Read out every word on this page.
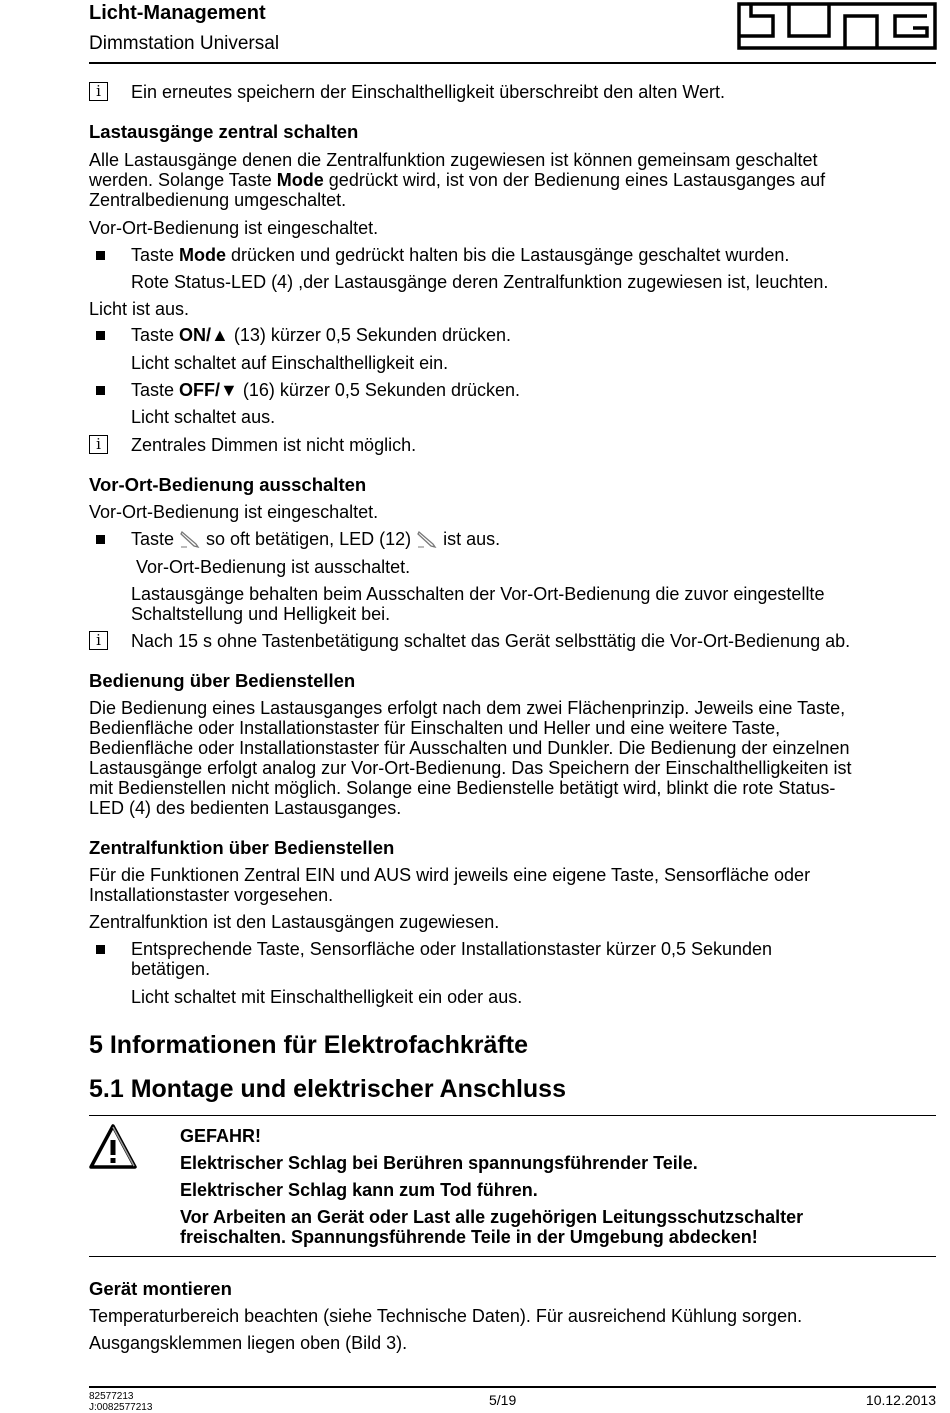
Licht-Management
Dimmstation Universal
i	Ein erneutes speichern der Einschalthelligkeit überschreibt den alten Wert.

Lastausgänge zentral schalten

Alle Lastausgänge denen die Zentralfunktion zugewiesen ist können gemeinsam geschaltet

werden. Solange Taste Mode gedrückt wird, ist von der Bedienung eines Lastausganges auf

Zentralbedienung umgeschaltet.

Vor-Ort-Bedienung ist eingeschaltet.

Taste Mode drücken und gedrückt halten bis die Lastausgänge geschaltet wurden.

Rote Status-LED (4) ,der Lastausgänge deren Zentralfunktion zugewiesen ist, leuchten.

Licht ist aus.

Taste ON/▲ (13) kürzer 0,5 Sekunden drücken.

Licht schaltet auf Einschalthelligkeit ein.

Taste OFF/▼ (16) kürzer 0,5 Sekunden drücken.

Licht schaltet aus.

i	Zentrales Dimmen ist nicht möglich.

Vor-Ort-Bedienung ausschalten

Vor-Ort-Bedienung ist eingeschaltet.

Taste  so oft betätigen, LED (12)  ist aus.

Vor-Ort-Bedienung ist ausschaltet.

Lastausgänge behalten beim Ausschalten der Vor-Ort-Bedienung die zuvor eingestellte

Schaltstellung und Helligkeit bei.

i	Nach 15 s ohne Tastenbetätigung schaltet das Gerät selbsttätig die Vor-Ort-Bedienung ab.

Bedienung über Bedienstellen

Die Bedienung eines Lastausganges erfolgt nach dem zwei Flächenprinzip. Jeweils eine Taste,

Bedienfläche oder Installationstaster für Einschalten und Heller und eine weitere Taste,

Bedienfläche oder Installationstaster für Ausschalten und Dunkler. Die Bedienung der einzelnen

Lastausgänge erfolgt analog zur Vor-Ort-Bedienung. Das Speichern der Einschalthelligkeiten ist

mit Bedienstellen nicht möglich. Solange eine Bedienstelle betätigt wird, blinkt die rote Status-

LED (4) des bedienten Lastausganges.

Zentralfunktion über Bedienstellen

Für die Funktionen Zentral EIN und AUS wird jeweils eine eigene Taste, Sensorfläche oder

Installationstaster vorgesehen.

Zentralfunktion ist den Lastausgängen zugewiesen.

Entsprechende Taste, Sensorfläche oder Installationstaster kürzer 0,5 Sekunden

betätigen.

Licht schaltet mit Einschalthelligkeit ein oder aus.

5 Informationen für Elektrofachkräfte
5.1 Montage und elektrischer Anschluss

GEFAHR!

Elektrischer Schlag bei Berühren spannungsführender Teile.

Elektrischer Schlag kann zum Tod führen.

Vor Arbeiten an Gerät oder Last alle zugehörigen Leitungsschutzschalter

freischalten. Spannungsführende Teile in der Umgebung abdecken!

Gerät montieren

Temperaturbereich beachten (siehe Technische Daten). Für ausreichend Kühlung sorgen.

Ausgangsklemmen liegen oben (Bild 3).

82577213
J:0082577213	5/19	10.12.2013
